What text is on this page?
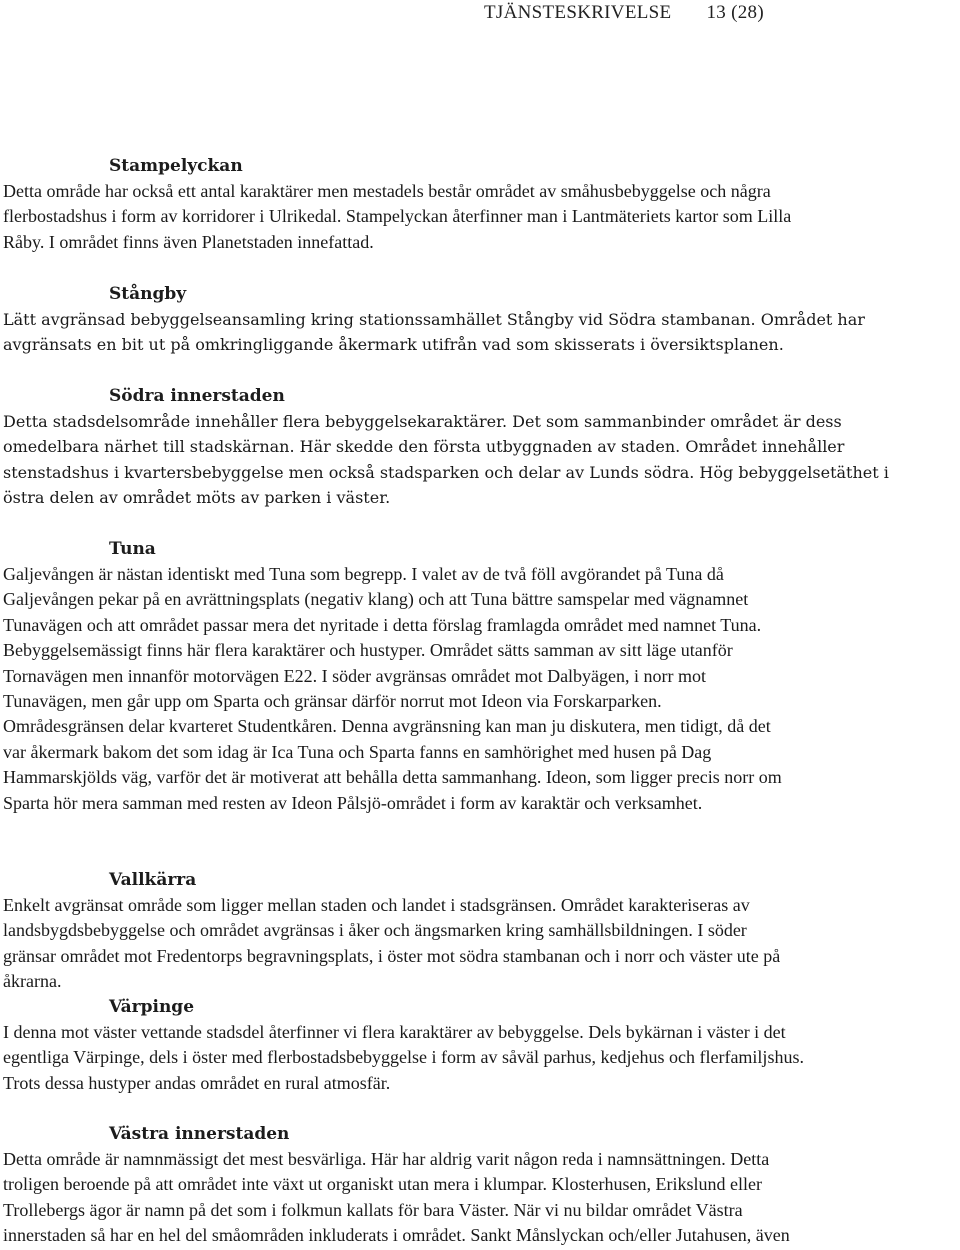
TJÄNSTESKRIVELSE 13 (28)
Stampelyckan
Detta område har också ett antal karaktärer men mestadels består området av småhusbebyggelse och några
flerbostadshus i form av korridorer i Ulrikedal. Stampelyckan återfinner man i Lantmäteriets kartor som Lilla
Råby. I området finns även Planetstaden innefattad.
Stångby
Lätt avgränsad bebyggelseansamling kring stationssamhället Stångby vid Södra stambanan. Området har
avgränsats en bit ut på omkringliggande åkermark utifrån vad som skisserats i översiktsplanen.
Södra innerstaden
Detta stadsdelsområde innehåller flera bebyggelsekaraktärer. Det som sammanbinder området är dess
omedelbara närhet till stadskärnan. Här skedde den första utbyggnaden av staden. Området innehåller
stenstadshus i kvartersbebyggelse men också stadsparken och delar av Lunds södra. Hög bebyggelsetäthet i
östra delen av området möts av parken i väster.
Tuna
Galjevången är nästan identiskt med Tuna som begrepp. I valet av de två föll avgörandet på Tuna då
Galjevången pekar på en avrättningsplats (negativ klang) och att Tuna bättre samspelar med vägnamnet
Tunavägen och att området passar mera det nyritade i detta förslag framlagda området med namnet Tuna.
Bebyggelsemässigt finns här flera karaktärer och hustyper. Området sätts samman av sitt läge utanför
Tornavägen men innanför motorvägen E22. I söder avgränsas området mot Dalbyägen, i norr mot
Tunavägen, men går upp om Sparta och gränsar därför norrut mot Ideon via Forskarparken.
Områdesgränsen delar kvarteret Studentkåren. Denna avgränsning kan man ju diskutera, men tidigt, då det
var åkermark bakom det som idag är Ica Tuna och Sparta fanns en samhörighet med husen på Dag
Hammarskjölds väg, varför det är motiverat att behålla detta sammanhang. Ideon, som ligger precis norr om
Sparta hör mera samman med resten av Ideon Pålsjö-området i form av karaktär och verksamhet.
Vallkärra
Enkelt avgränsat område som ligger mellan staden och landet i stadsgränsen. Området karakteriseras av
landsbygdsbebyggelse och området avgränsas i åker och ängsmarken kring samhällsbildningen. I söder
gränsar området mot Fredentorps begravningsplats, i öster mot södra stambanan och i norr och väster ute på
åkrarna.
Värpinge
I denna mot väster vettande stadsdel återfinner vi flera karaktärer av bebyggelse. Dels bykärnan i väster i det
egentliga Värpinge, dels i öster med flerbostadsbebyggelse i form av såväl parhus, kedjehus och flerfamiljshus.
Trots dessa hustyper andas området en rural atmosfär.
Västra innerstaden
Detta område är namnmässigt det mest besvärliga. Här har aldrig varit någon reda i namnsättningen. Detta
troligen beroende på att området inte växt ut organiskt utan mera i klumpar. Klosterhusen, Erikslund eller
Trollebergs ägor är namn på det som i folkmun kallats för bara Väster. När vi nu bildar området Västra
innerstaden så har en hel del småområden inkluderats i området. Sankt Månslyckan och/eller Jutahusen, även
